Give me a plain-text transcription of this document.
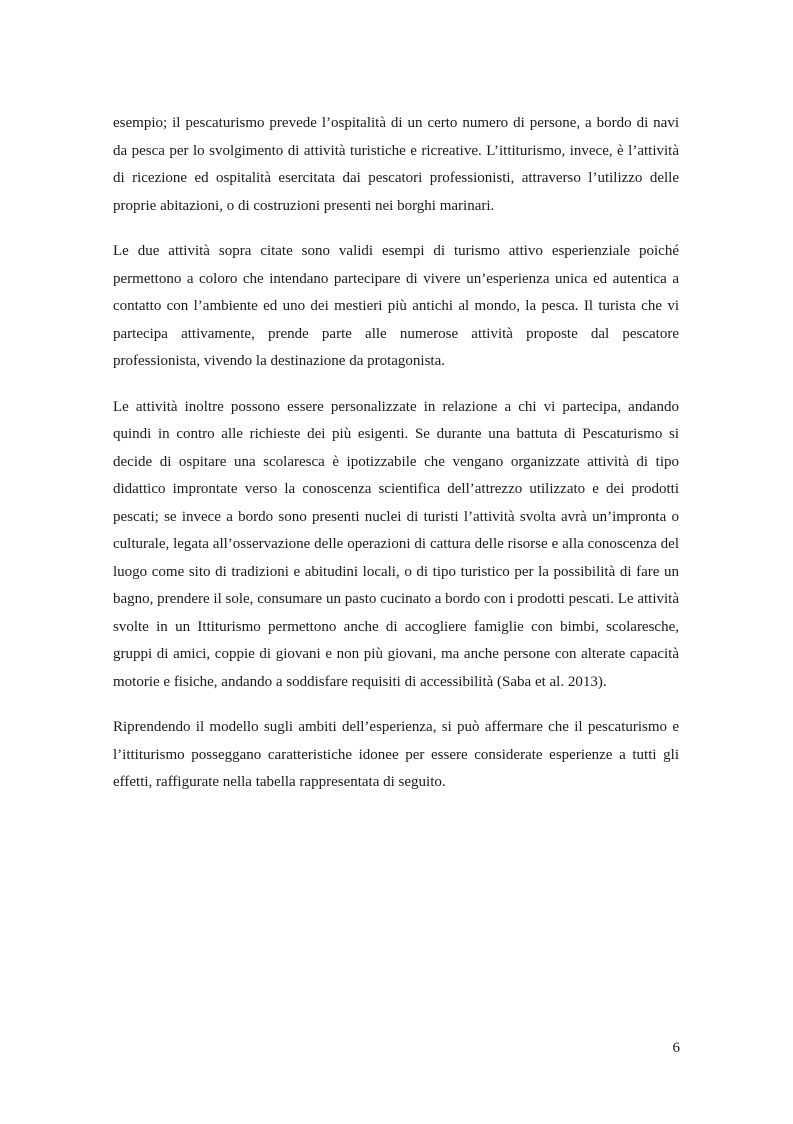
esempio; il pescaturismo prevede l’ospitalità di un certo numero di persone, a bordo di navi da pesca per lo svolgimento di attività turistiche e ricreative. L’ittiturismo, invece, è l’attività di ricezione ed ospitalità esercitata dai pescatori professionisti, attraverso l’utilizzo delle proprie abitazioni, o di costruzioni presenti nei borghi marinari.

Le due attività sopra citate sono validi esempi di turismo attivo esperienziale poiché permettono a coloro che intendano partecipare di vivere un’esperienza unica ed autentica a contatto con l’ambiente ed uno dei mestieri più antichi al mondo, la pesca. Il turista che vi partecipa attivamente, prende parte alle numerose attività proposte dal pescatore professionista, vivendo la destinazione da protagonista.

Le attività inoltre possono essere personalizzate in relazione a chi vi partecipa, andando quindi in contro alle richieste dei più esigenti. Se durante una battuta di Pescaturismo si decide di ospitare una scolaresca è ipotizzabile che vengano organizzate attività di tipo didattico improntate verso la conoscenza scientifica dell’attrezzo utilizzato e dei prodotti pescati; se invece a bordo sono presenti nuclei di turisti l’attività svolta avrà un’impronta o culturale, legata all’osservazione delle operazioni di cattura delle risorse e alla conoscenza del luogo come sito di tradizioni e abitudini locali, o di tipo turistico per la possibilità di fare un bagno, prendere il sole, consumare un pasto cucinato a bordo con i prodotti pescati. Le attività svolte in un Ittiturismo permettono anche di accogliere famiglie con bimbi, scolaresche, gruppi di amici, coppie di giovani e non più giovani, ma anche persone con alterate capacità motorie e fisiche, andando a soddisfare requisiti di accessibilità (Saba et al. 2013).

Riprendendo il modello sugli ambiti dell’esperienza, si può affermare che il pescaturismo e l’ittiturismo posseggano caratteristiche idonee per essere considerate esperienze a tutti gli effetti, raffigurate nella tabella rappresentata di seguito.

6
